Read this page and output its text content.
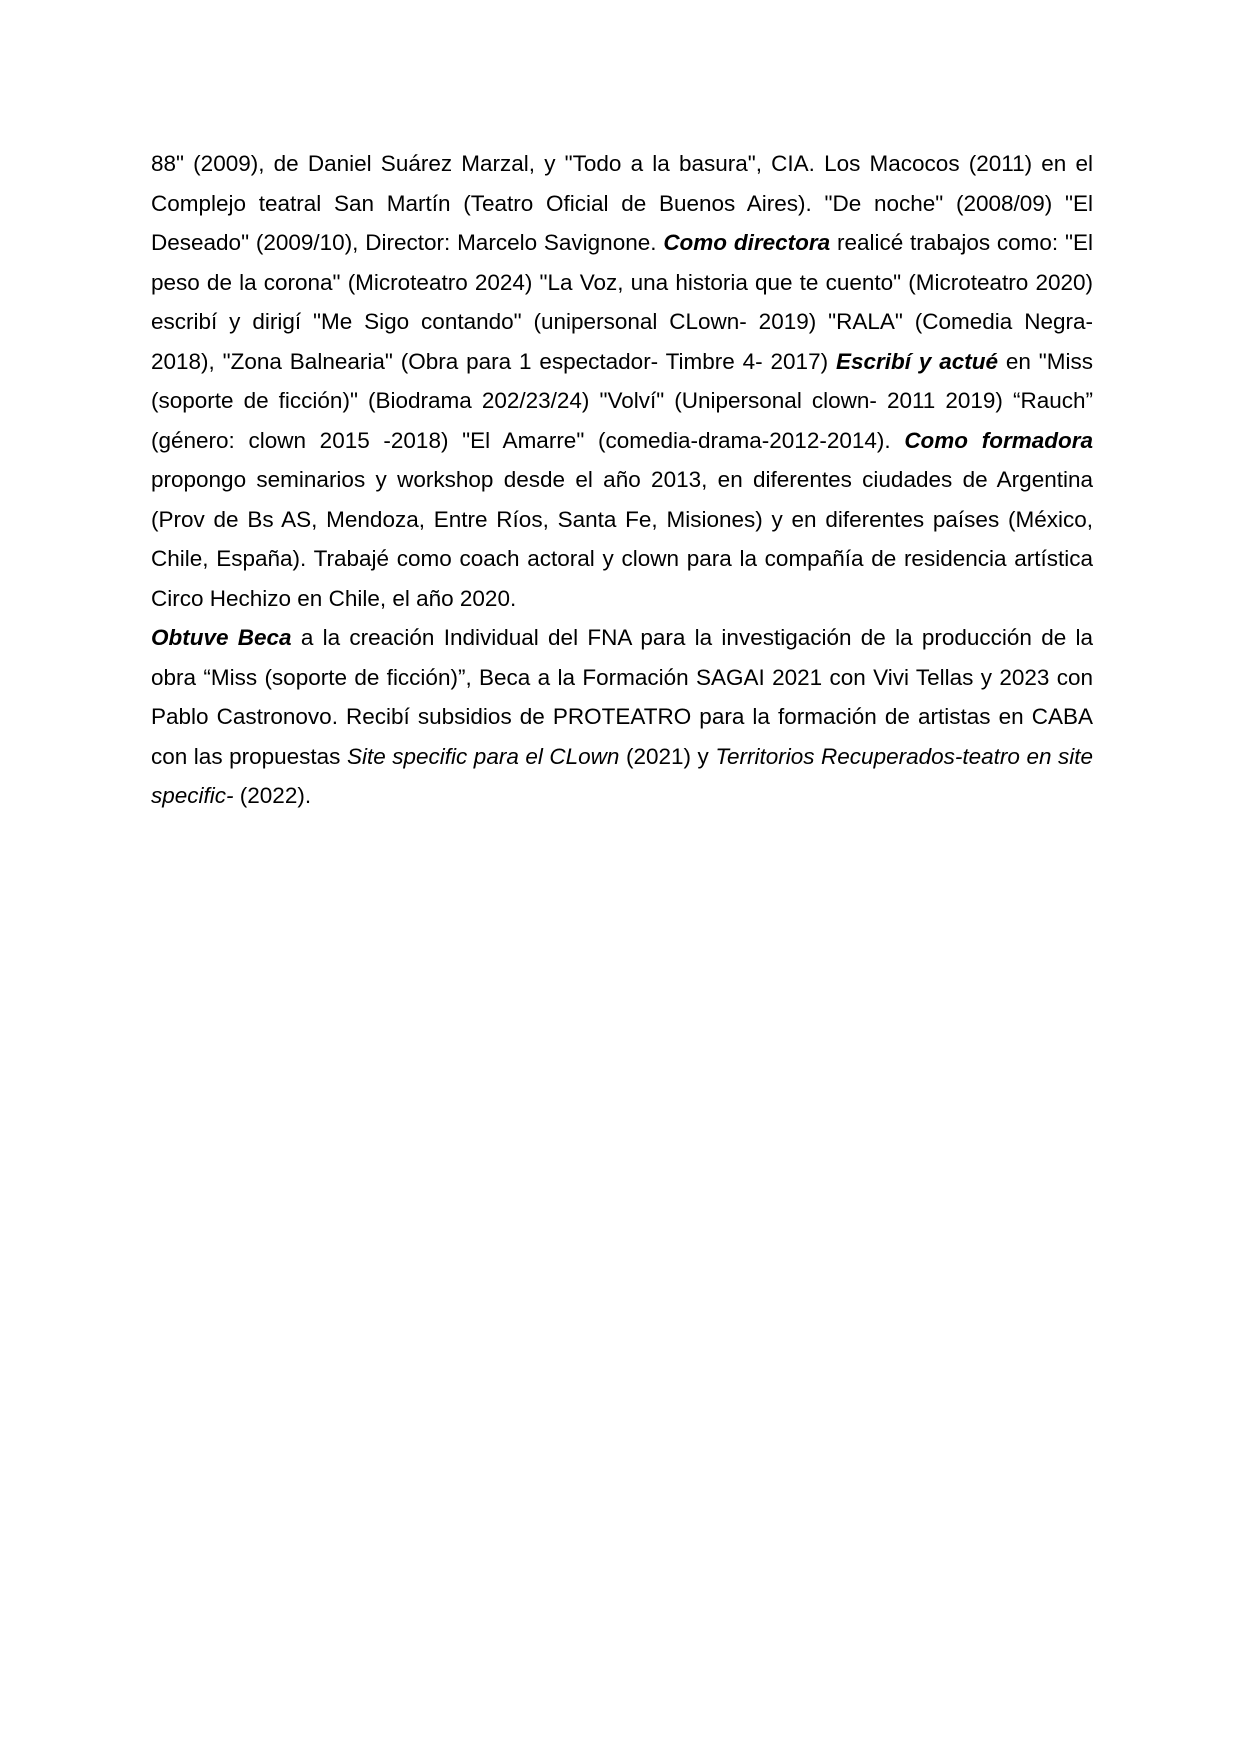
88" (2009), de Daniel Suárez Marzal, y "Todo a la basura", CIA. Los Macocos (2011) en el Complejo teatral San Martín (Teatro Oficial de Buenos Aires). "De noche" (2008/09) "El Deseado" (2009/10), Director: Marcelo Savignone. Como directora realicé trabajos como: "El peso de la corona" (Microteatro 2024) "La Voz, una historia que te cuento" (Microteatro 2020) escribí y dirigí "Me Sigo contando" (unipersonal CLown- 2019) "RALA" (Comedia Negra- 2018), "Zona Balnearia" (Obra para 1 espectador- Timbre 4- 2017) Escribí y actué en "Miss (soporte de ficción)" (Biodrama 202/23/24) "Volví" (Unipersonal clown- 2011 2019) “Rauch” (género: clown 2015 -2018) "El Amarre" (comedia-drama-2012-2014). Como formadora propongo seminarios y workshop desde el año 2013, en diferentes ciudades de Argentina (Prov de Bs AS, Mendoza, Entre Ríos, Santa Fe, Misiones) y en diferentes países (México, Chile, España). Trabajé como coach actoral y clown para la compañía de residencia artística Circo Hechizo en Chile, el año 2020.

Obtuve Beca a la creación Individual del FNA para la investigación de la producción de la obra “Miss (soporte de ficción)”, Beca a la Formación SAGAI 2021 con Vivi Tellas y 2023 con Pablo Castronovo. Recibí subsidios de PROTEATRO para la formación de artistas en CABA con las propuestas Site specific para el CLown (2021) y Territorios Recuperados-teatro en site specific- (2022).
